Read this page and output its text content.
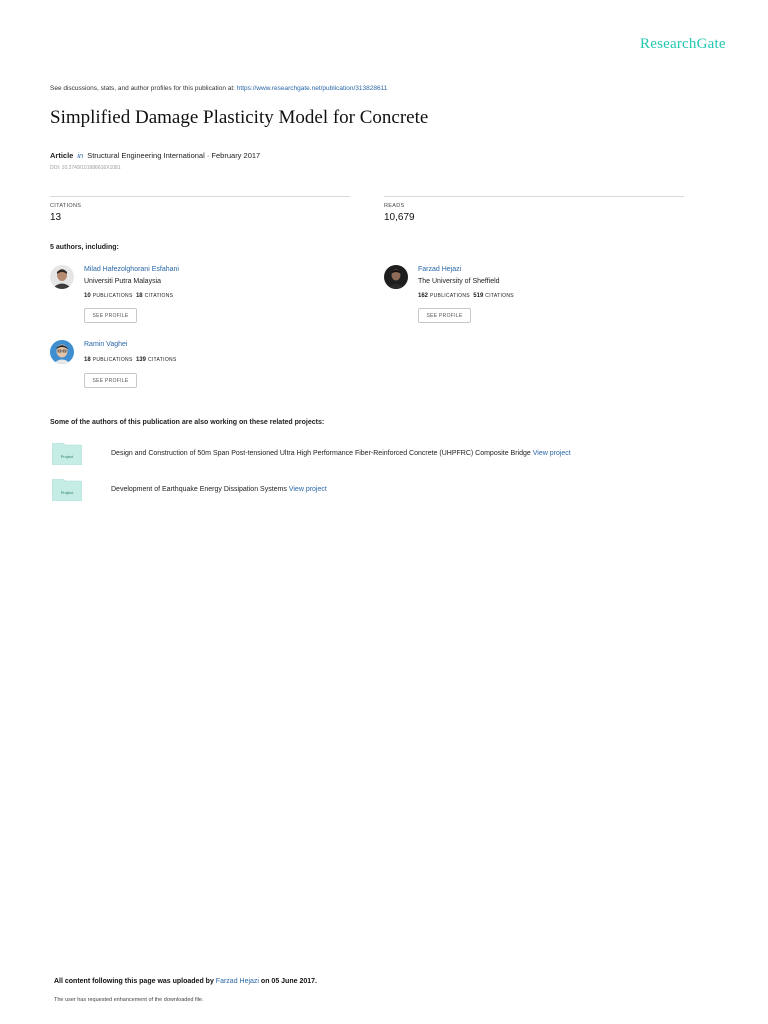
ResearchGate
See discussions, stats, and author profiles for this publication at: https://www.researchgate.net/publication/313828611
Simplified Damage Plasticity Model for Concrete
Article in Structural Engineering International · February 2017
DOI: 10.2749/101686616X1081
CITATIONS
13
READS
10,679
5 authors, including:
Milad Hafezolghorani Esfahani
Universiti Putra Malaysia
10 PUBLICATIONS 18 CITATIONS
SEE PROFILE
Farzad Hejazi
The University of Sheffield
162 PUBLICATIONS 519 CITATIONS
SEE PROFILE
Ramin Vaghei
18 PUBLICATIONS 139 CITATIONS
SEE PROFILE
Some of the authors of this publication are also working on these related projects:
Project	Design and Construction of 50m Span Post-tensioned Ultra High Performance Fiber-Reinforced Concrete (UHPFRC) Composite Bridge View project
Project	Development of Earthquake Energy Dissipation Systems View project
All content following this page was uploaded by Farzad Hejazi on 05 June 2017.
The user has requested enhancement of the downloaded file.
